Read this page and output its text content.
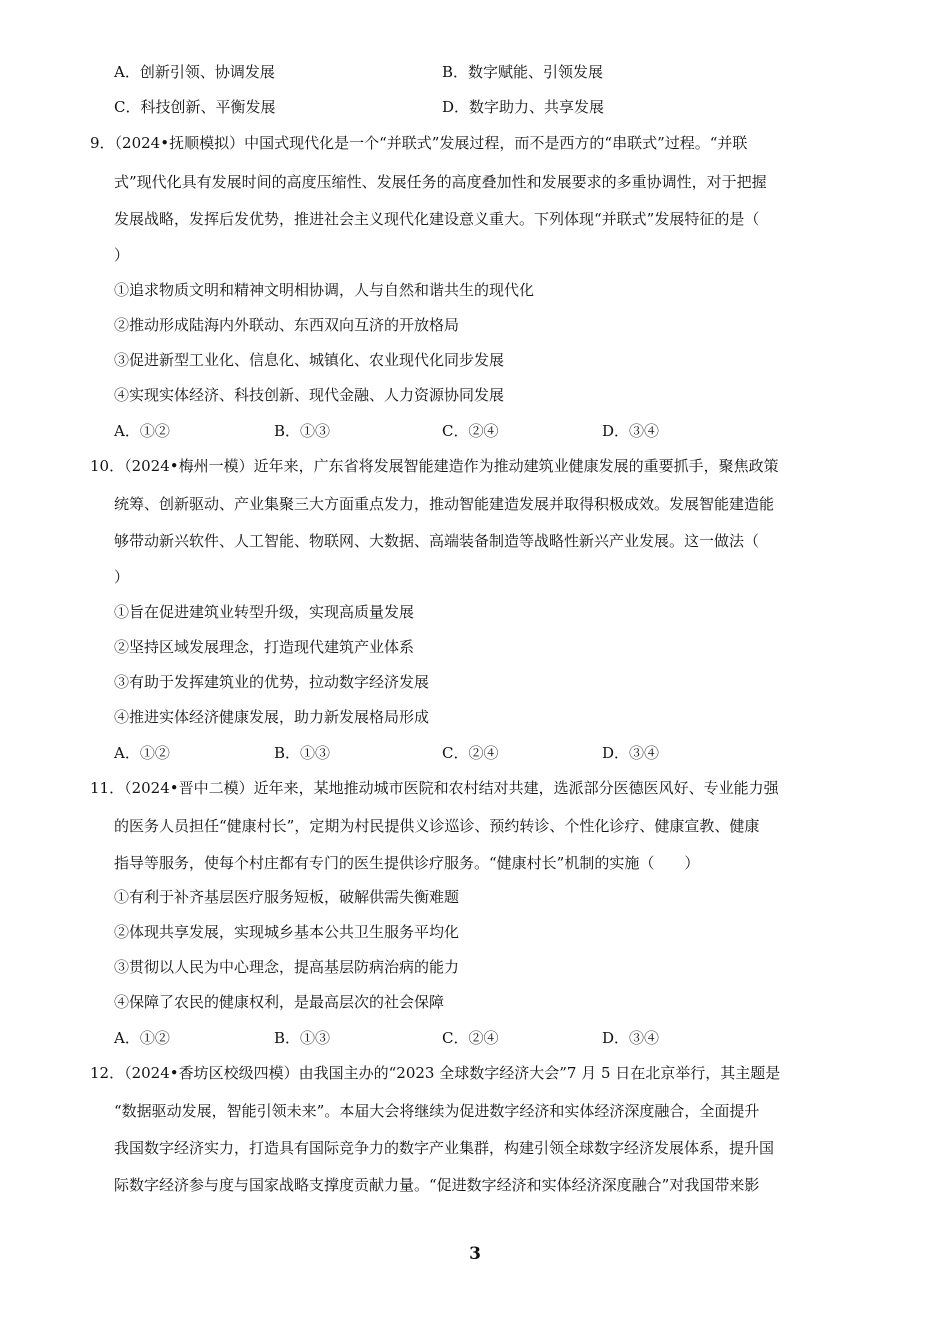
A．创新引领、协调发展	B．数字赋能、引领发展
C．科技创新、平衡发展	D．数字助力、共享发展
9．（2024•抚顺模拟）中国式现代化是一个“并联式”发展过程，而不是西方的“串联式”过程。“并联
式”现代化具有发展时间的高度压缩性、发展任务的高度叠加性和发展要求的多重协调性，对于把握
发展战略，发挥后发优势，推进社会主义现代化建设意义重大。下列体现“并联式”发展特征的是（
）
①追求物质文明和精神文明相协调，人与自然和谐共生的现代化
②推动形成陆海内外联动、东西双向互济的开放格局
③促进新型工业化、信息化、城镇化、农业现代化同步发展
④实现实体经济、科技创新、现代金融、人力资源协同发展
A．①②	B．①③	C．②④	D．③④
10．（2024•梅州一模）近年来，广东省将发展智能建造作为推动建筑业健康发展的重要抓手，聚焦政策
统筹、创新驱动、产业集聚三大方面重点发力，推动智能建造发展并取得积极成效。发展智能建造能
够带动新兴软件、人工智能、物联网、大数据、高端装备制造等战略性新兴产业发展。这一做法（
）
①旨在促进建筑业转型升级，实现高质量发展
②坚持区域发展理念，打造现代建筑产业体系
③有助于发挥建筑业的优势，拉动数字经济发展
④推进实体经济健康发展，助力新发展格局形成
A．①②	B．①③	C．②④	D．③④
11．（2024•晋中二模）近年来，某地推动城市医院和农村结对共建，选派部分医德医风好、专业能力强
的医务人员担任“健康村长”，定期为村民提供义诊巡诊、预约转诊、个性化诊疗、健康宣教、健康
指导等服务，使每个村庄都有专门的医生提供诊疗服务。“健康村长”机制的实施（　　）
①有利于补齐基层医疗服务短板，破解供需失衡难题
②体现共享发展，实现城乡基本公共卫生服务平均化
③贯彻以人民为中心理念，提高基层防病治病的能力
④保障了农民的健康权利，是最高层次的社会保障
A．①②	B．①③	C．②④	D．③④
12．（2024•香坊区校级四模）由我国主办的“2023 全球数字经济大会”7 月 5 日在北京举行，其主题是
“数据驱动发展，智能引领未来”。本届大会将继续为促进数字经济和实体经济深度融合，全面提升
我国数字经济实力，打造具有国际竞争力的数字产业集群，构建引领全球数字经济发展体系，提升国
际数字经济参与度与国家战略支撑度贡献力量。“促进数字经济和实体经济深度融合”对我国带来影
3
